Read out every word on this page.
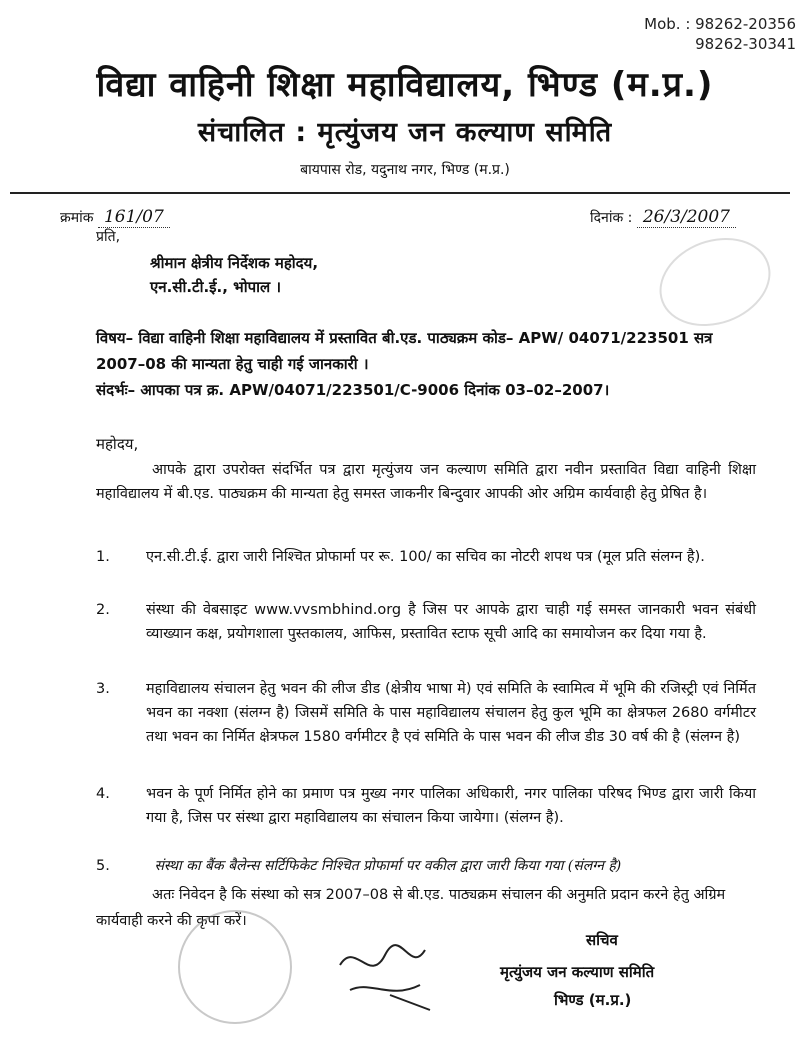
Mob. : 98262-20356
98262-30341
विद्या वाहिनी शिक्षा महाविद्यालय, भिण्ड (म.प्र.)
संचालित : मृत्युंजय जन कल्याण समिति
बायपास रोड, यदुनाथ नगर, भिण्ड (म.प्र.)
क्रमांक 161/07	दिनांक : 26/3/2007
प्रति,
श्रीमान क्षेत्रीय निर्देशक महोदय,
एन.सी.टी.ई., भोपाल ।
विषय– विद्या वाहिनी शिक्षा महाविद्यालय में प्रस्तावित बी.एड. पाठ्यक्रम कोड– APW/ 04071/223501 सत्र 2007–08 की मान्यता हेतु चाही गई जानकारी ।
संदर्भः– आपका पत्र क्र. APW/04071/223501/C-9006 दिनांक 03–02–2007।
महोदय,
आपके द्वारा उपरोक्त संदर्भित पत्र द्वारा मृत्युंजय जन कल्याण समिति द्वारा नवीन प्रस्तावित विद्या वाहिनी शिक्षा महाविद्यालय में बी.एड. पाठ्यक्रम की मान्यता हेतु समस्त जाकनीर बिन्दुवार आपकी ओर अग्रिम कार्यवाही हेतु प्रेषित है।
1. एन.सी.टी.ई. द्वारा जारी निश्चित प्रोफार्मा पर रू. 100/ का सचिव का नोटरी शपथ पत्र (मूल प्रति संलग्न है).
2. संस्था की वेबसाइट www.vvsmbhind.org है जिस पर आपके द्वारा चाही गई समस्त जानकारी भवन संबंधी व्याख्यान कक्ष, प्रयोगशाला पुस्तकालय, आफिस, प्रस्तावित स्टाफ सूची आदि का समायोजन कर दिया गया है.
3. महाविद्यालय संचालन हेतु भवन की लीज डीड (क्षेत्रीय भाषा मे) एवं समिति के स्वामित्व में भूमि की रजिस्ट्री एवं निर्मित भवन का नक्शा (संलग्न है) जिसमें समिति के पास महाविद्यालय संचालन हेतु कुल भूमि का क्षेत्रफल 2680 वर्गमीटर तथा भवन का निर्मित क्षेत्रफल 1580 वर्गमीटर है एवं समिति के पास भवन की लीज डीड 30 वर्ष की है (संलग्न है)
4. भवन के पूर्ण निर्मित होने का प्रमाण पत्र मुख्य नगर पालिका अधिकारी, नगर पालिका परिषद भिण्ड द्वारा जारी किया गया है, जिस पर संस्था द्वारा महाविद्यालय का संचालन किया जायेगा। (संलग्न है).
5.	संस्था का बैंक बैलेन्स सर्टिफिकेट निश्चित प्रोफार्मा पर वकील द्वारा जारी किया गया (संलग्न है)
अतः निवेदन है कि संस्था को सत्र 2007–08 से बी.एड. पाठ्यक्रम संचालन की अनुमति प्रदान करने हेतु अग्रिम कार्यवाही करने की कृपा करें।
सचिव
मृत्युंजय जन कल्याण समिति
भिण्ड (म.प्र.)
